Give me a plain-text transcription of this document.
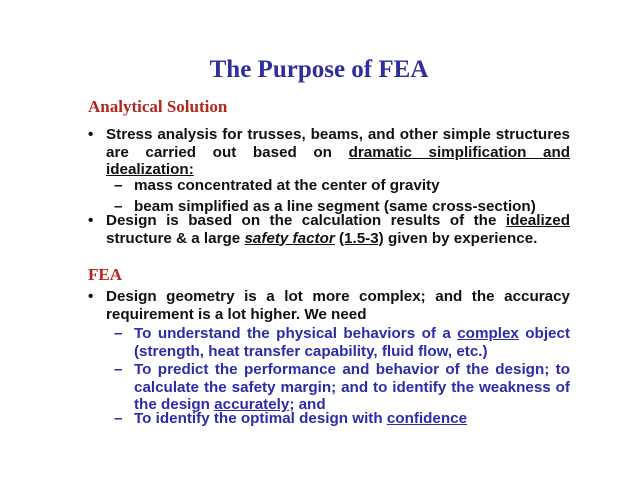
The Purpose of FEA
Analytical Solution
• Stress analysis for trusses, beams, and other simple structures are carried out based on dramatic simplification and idealization:
– mass concentrated at the center of gravity
– beam simplified as a line segment (same cross-section)
• Design is based on the calculation results of the idealized structure & a large safety factor (1.5-3) given by experience.
FEA
• Design geometry is a lot more complex; and the accuracy requirement is a lot higher. We need
– To understand the physical behaviors of a complex object (strength, heat transfer capability, fluid flow, etc.)
– To predict the performance and behavior of the design; to calculate the safety margin; and to identify the weakness of the design accurately; and
– To identify the optimal design with confidence
